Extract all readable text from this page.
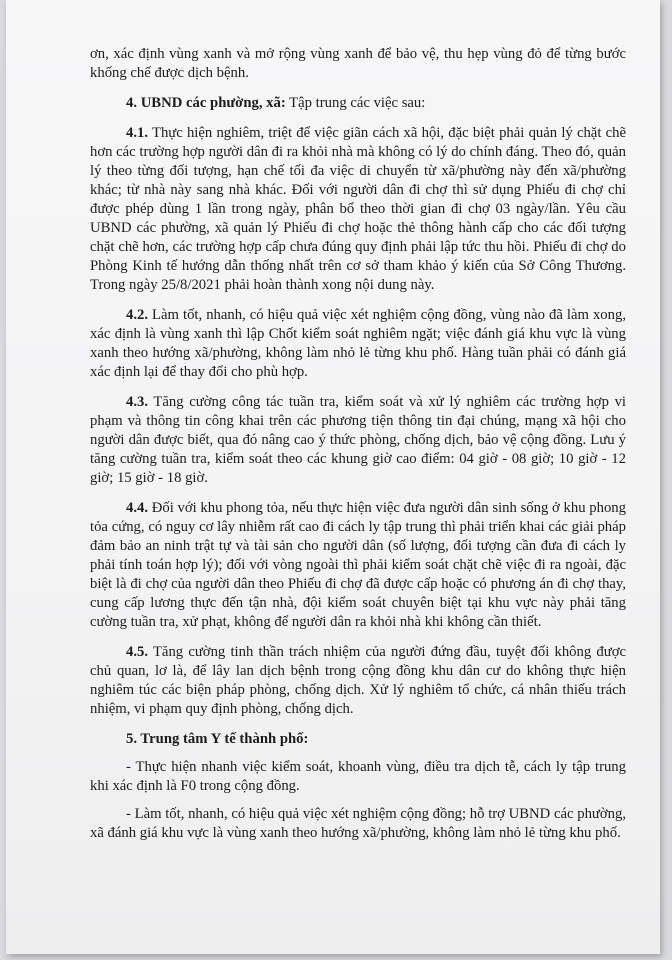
ơn, xác định vùng xanh và mở rộng vùng xanh để bảo vệ, thu hẹp vùng đỏ để từng bước khống chế được dịch bệnh.

4. UBND các phường, xã: Tập trung các việc sau:

4.1. Thực hiện nghiêm, triệt để việc giãn cách xã hội, đặc biệt phải quản lý chặt chẽ hơn các trường hợp người dân đi ra khỏi nhà mà không có lý do chính đáng. Theo đó, quản lý theo từng đối tượng, hạn chế tối đa việc di chuyển từ xã/phường này đến xã/phường khác; từ nhà này sang nhà khác. Đối với người dân đi chợ thì sử dụng Phiếu đi chợ chỉ được phép dùng 1 lần trong ngày, phân bổ theo thời gian đi chợ 03 ngày/lần. Yêu cầu UBND các phường, xã quản lý Phiếu đi chợ hoặc thẻ thông hành cấp cho các đối tượng chặt chẽ hơn, các trường hợp cấp chưa đúng quy định phải lập tức thu hồi. Phiếu đi chợ do Phòng Kinh tế hướng dẫn thống nhất trên cơ sở tham khảo ý kiến của Sở Công Thương. Trong ngày 25/8/2021 phải hoàn thành xong nội dung này.

4.2. Làm tốt, nhanh, có hiệu quả việc xét nghiệm cộng đồng, vùng nào đã làm xong, xác định là vùng xanh thì lập Chốt kiểm soát nghiêm ngặt; việc đánh giá khu vực là vùng xanh theo hướng xã/phường, không làm nhỏ lẻ từng khu phố. Hàng tuần phải có đánh giá xác định lại để thay đổi cho phù hợp.

4.3. Tăng cường công tác tuần tra, kiểm soát và xử lý nghiêm các trường hợp vi phạm và thông tin công khai trên các phương tiện thông tin đại chúng, mạng xã hội cho người dân được biết, qua đó nâng cao ý thức phòng, chống dịch, bảo vệ cộng đồng. Lưu ý tăng cường tuần tra, kiểm soát theo các khung giờ cao điểm: 04 giờ - 08 giờ; 10 giờ - 12 giờ; 15 giờ - 18 giờ.

4.4. Đối với khu phong tỏa, nếu thực hiện việc đưa người dân sinh sống ở khu phong tỏa cứng, có nguy cơ lây nhiễm rất cao đi cách ly tập trung thì phải triển khai các giải pháp đảm bảo an ninh trật tự và tài sản cho người dân (số lượng, đối tượng cần đưa đi cách ly phải tính toán hợp lý); đối với vòng ngoài thì phải kiểm soát chặt chẽ việc đi ra ngoài, đặc biệt là đi chợ của người dân theo Phiếu đi chợ đã được cấp hoặc có phương án đi chợ thay, cung cấp lương thực đến tận nhà, đội kiểm soát chuyên biệt tại khu vực này phải tăng cường tuần tra, xử phạt, không để người dân ra khỏi nhà khi không cần thiết.

4.5. Tăng cường tinh thần trách nhiệm của người đứng đầu, tuyệt đối không được chủ quan, lơ là, để lây lan dịch bệnh trong cộng đồng khu dân cư do không thực hiện nghiêm túc các biện pháp phòng, chống dịch. Xử lý nghiêm tổ chức, cá nhân thiếu trách nhiệm, vi phạm quy định phòng, chống dịch.

5. Trung tâm Y tế thành phố:

- Thực hiện nhanh việc kiểm soát, khoanh vùng, điều tra dịch tễ, cách ly tập trung khi xác định là F0 trong cộng đồng.

- Làm tốt, nhanh, có hiệu quả việc xét nghiệm cộng đồng; hỗ trợ UBND các phường, xã đánh giá khu vực là vùng xanh theo hướng xã/phường, không làm nhỏ lẻ từng khu phố.
